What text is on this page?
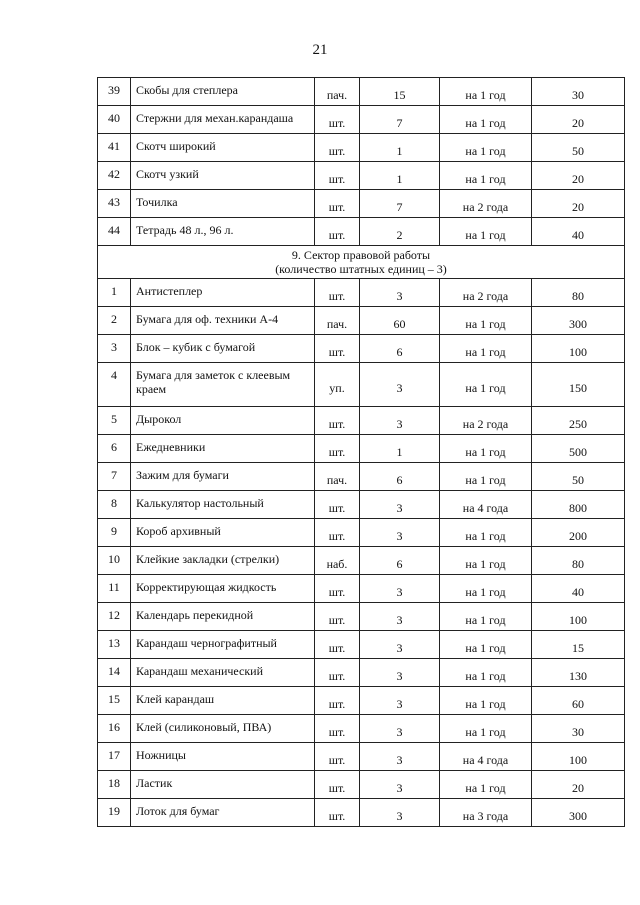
21
39	Скобы для степлера	пач.	15	на 1 год	30
40	Стержни для механ.карандаша	шт.	7	на 1 год	20
41	Скотч широкий	шт.	1	на 1 год	50
42	Скотч узкий	шт.	1	на 1 год	20
43	Точилка	шт.	7	на 2 года	20
44	Тетрадь 48 л., 96 л.	шт.	2	на 1 год	40

9. Сектор правовой работы
(количество штатных единиц – 3)					

1	Антистеплер	шт.	3	на 2 года	80
2	Бумага для оф. техники А-4	пач.	60	на 1 год	300
3	Блок – кубик с бумагой	шт.	6	на 1 год	100
4	Бумага для заметок с клеевым краем	уп.	3	на 1 год	150
5	Дырокол	шт.	3	на 2 года	250
6	Ежедневники	шт.	1	на 1 год	500
7	Зажим для бумаги	пач.	6	на 1 год	50
8	Калькулятор настольный	шт.	3	на 4 года	800
9	Короб архивный	шт.	3	на 1 год	200
10	Клейкие закладки (стрелки)	наб.	6	на 1 год	80
11	Корректирующая жидкость	шт.	3	на 1 год	40
12	Календарь перекидной	шт.	3	на 1 год	100
13	Карандаш чернографитный	шт.	3	на 1 год	15
14	Карандаш механический	шт.	3	на 1 год	130
15	Клей карандаш	шт.	3	на 1 год	60
16	Клей (силиконовый, ПВА)	шт.	3	на 1 год	30
17	Ножницы	шт.	3	на 4 года	100
18	Ластик	шт.	3	на 1 год	20
19	Лоток для бумаг	шт.	3	на 3 года	300
